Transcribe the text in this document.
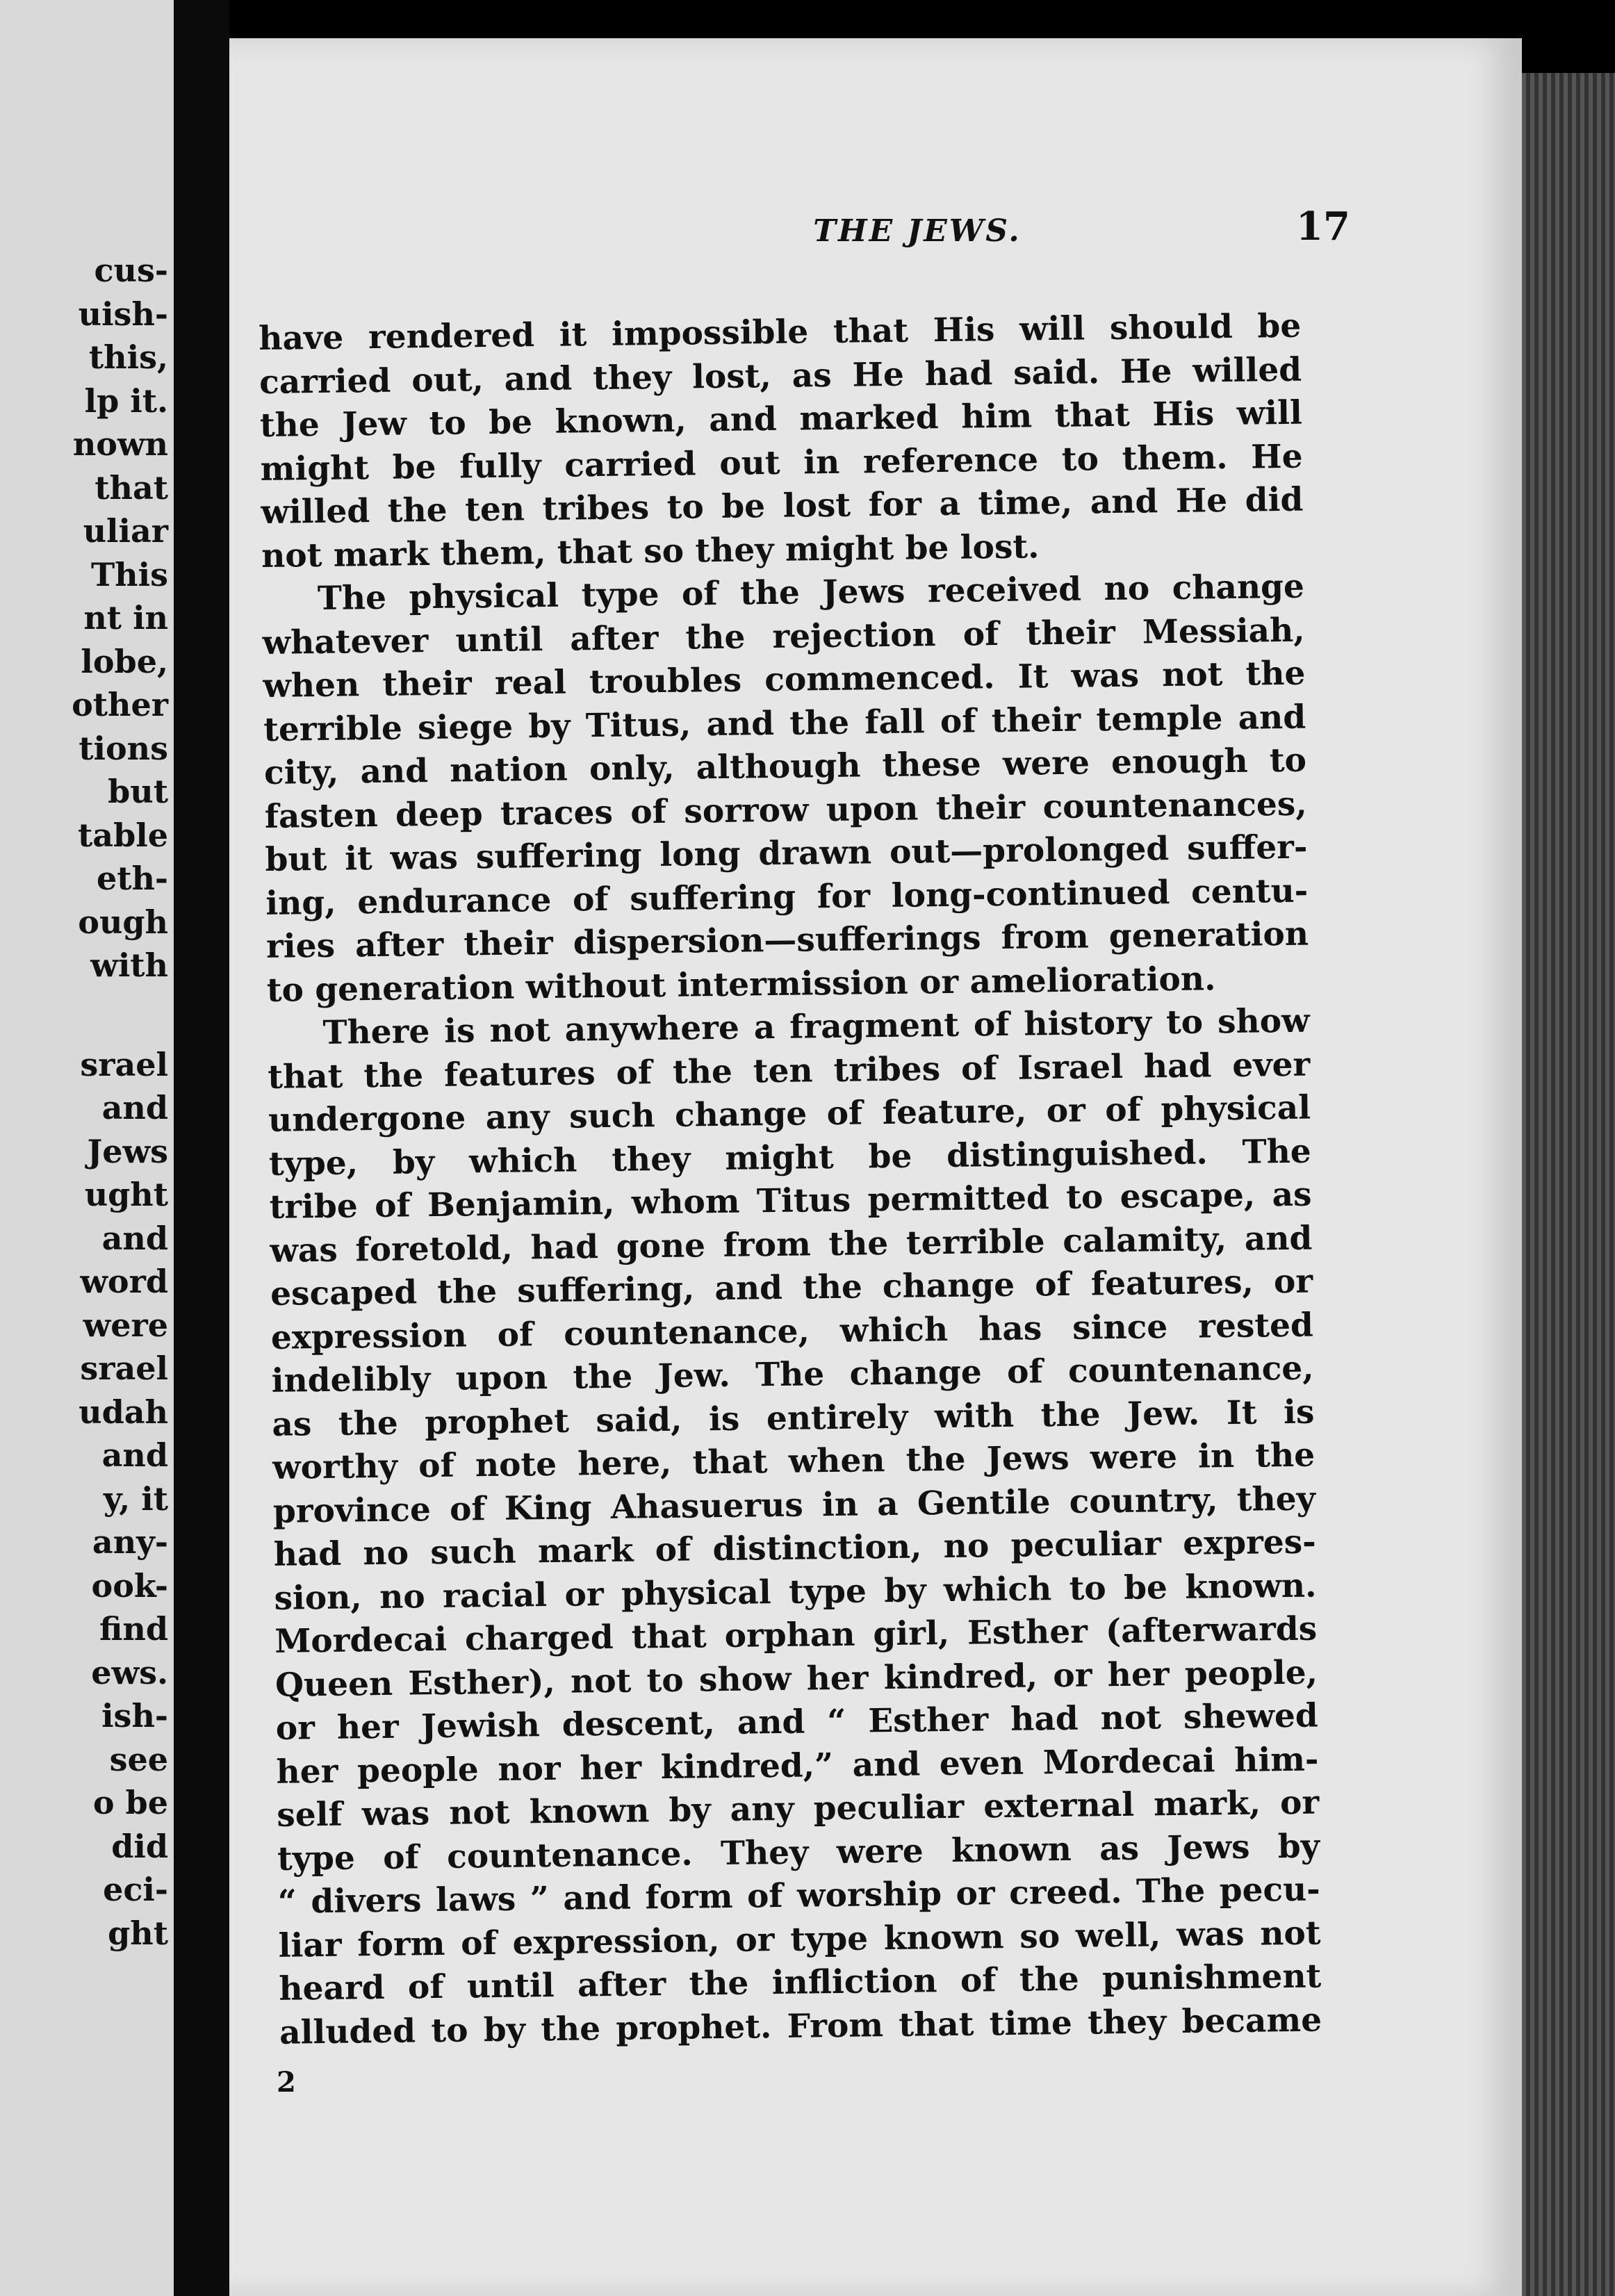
cus-
uish-
this,
lp it.
nown
that
uliar
This
nt in
lobe,
other
tions
but
table
eth-
ough
with
srael
and
Jews
ught
and
word
were
srael
udah
and
y, it
any-
ook-
find
ews.
ish-
see
o be
did
eci-
ght
THE JEWS.	17
have rendered it impossible that His will should be
carried out, and they lost, as He had said. He willed
the Jew to be known, and marked him that His will
might be fully carried out in reference to them. He
willed the ten tribes to be lost for a time, and He did
not mark them, that so they might be lost.
The physical type of the Jews received no change
whatever until after the rejection of their Messiah,
when their real troubles commenced. It was not the
terrible siege by Titus, and the fall of their temple and
city, and nation only, although these were enough to
fasten deep traces of sorrow upon their countenances,
but it was suffering long drawn out—prolonged suffer-
ing, endurance of suffering for long-continued centu-
ries after their dispersion—sufferings from generation
to generation without intermission or amelioration.
There is not anywhere a fragment of history to show
that the features of the ten tribes of Israel had ever
undergone any such change of feature, or of physical
type, by which they might be distinguished. The
tribe of Benjamin, whom Titus permitted to escape, as
was foretold, had gone from the terrible calamity, and
escaped the suffering, and the change of features, or
expression of countenance, which has since rested
indelibly upon the Jew. The change of countenance,
as the prophet said, is entirely with the Jew. It is
worthy of note here, that when the Jews were in the
province of King Ahasuerus in a Gentile country, they
had no such mark of distinction, no peculiar expres-
sion, no racial or physical type by which to be known.
Mordecai charged that orphan girl, Esther (afterwards
Queen Esther), not to show her kindred, or her people,
or her Jewish descent, and “ Esther had not shewed
her people nor her kindred,” and even Mordecai him-
self was not known by any peculiar external mark, or
type of countenance. They were known as Jews by
“ divers laws ” and form of worship or creed. The pecu-
liar form of expression, or type known so well, was not
heard of until after the infliction of the punishment
alluded to by the prophet. From that time they became
2
